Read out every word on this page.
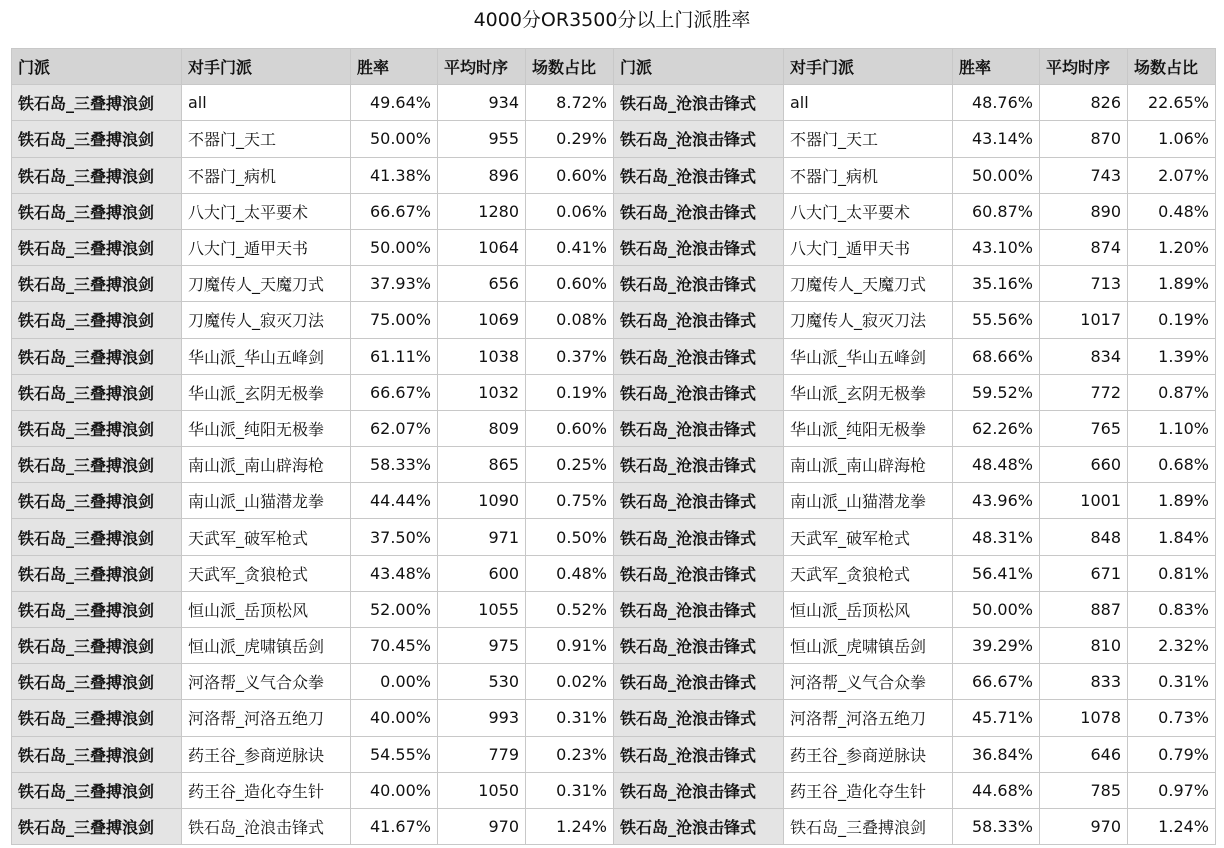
4000分OR3500分以上门派胜率
门派	对手门派	胜率	平均时序	场数占比	门派	对手门派	胜率	平均时序	场数占比
铁石岛_三叠搏浪剑	all	49.64%	934	8.72%	铁石岛_沧浪击锋式	all	48.76%	826	22.65%
铁石岛_三叠搏浪剑	不器门_天工	50.00%	955	0.29%	铁石岛_沧浪击锋式	不器门_天工	43.14%	870	1.06%
铁石岛_三叠搏浪剑	不器门_病机	41.38%	896	0.60%	铁石岛_沧浪击锋式	不器门_病机	50.00%	743	2.07%
铁石岛_三叠搏浪剑	八大门_太平要术	66.67%	1280	0.06%	铁石岛_沧浪击锋式	八大门_太平要术	60.87%	890	0.48%
铁石岛_三叠搏浪剑	八大门_遁甲天书	50.00%	1064	0.41%	铁石岛_沧浪击锋式	八大门_遁甲天书	43.10%	874	1.20%
铁石岛_三叠搏浪剑	刀魔传人_天魔刀式	37.93%	656	0.60%	铁石岛_沧浪击锋式	刀魔传人_天魔刀式	35.16%	713	1.89%
铁石岛_三叠搏浪剑	刀魔传人_寂灭刀法	75.00%	1069	0.08%	铁石岛_沧浪击锋式	刀魔传人_寂灭刀法	55.56%	1017	0.19%
铁石岛_三叠搏浪剑	华山派_华山五峰剑	61.11%	1038	0.37%	铁石岛_沧浪击锋式	华山派_华山五峰剑	68.66%	834	1.39%
铁石岛_三叠搏浪剑	华山派_玄阴无极拳	66.67%	1032	0.19%	铁石岛_沧浪击锋式	华山派_玄阴无极拳	59.52%	772	0.87%
铁石岛_三叠搏浪剑	华山派_纯阳无极拳	62.07%	809	0.60%	铁石岛_沧浪击锋式	华山派_纯阳无极拳	62.26%	765	1.10%
铁石岛_三叠搏浪剑	南山派_南山辟海枪	58.33%	865	0.25%	铁石岛_沧浪击锋式	南山派_南山辟海枪	48.48%	660	0.68%
铁石岛_三叠搏浪剑	南山派_山猫潜龙拳	44.44%	1090	0.75%	铁石岛_沧浪击锋式	南山派_山猫潜龙拳	43.96%	1001	1.89%
铁石岛_三叠搏浪剑	天武军_破军枪式	37.50%	971	0.50%	铁石岛_沧浪击锋式	天武军_破军枪式	48.31%	848	1.84%
铁石岛_三叠搏浪剑	天武军_贪狼枪式	43.48%	600	0.48%	铁石岛_沧浪击锋式	天武军_贪狼枪式	56.41%	671	0.81%
铁石岛_三叠搏浪剑	恒山派_岳顶松风	52.00%	1055	0.52%	铁石岛_沧浪击锋式	恒山派_岳顶松风	50.00%	887	0.83%
铁石岛_三叠搏浪剑	恒山派_虎啸镇岳剑	70.45%	975	0.91%	铁石岛_沧浪击锋式	恒山派_虎啸镇岳剑	39.29%	810	2.32%
铁石岛_三叠搏浪剑	河洛帮_义气合众拳	0.00%	530	0.02%	铁石岛_沧浪击锋式	河洛帮_义气合众拳	66.67%	833	0.31%
铁石岛_三叠搏浪剑	河洛帮_河洛五绝刀	40.00%	993	0.31%	铁石岛_沧浪击锋式	河洛帮_河洛五绝刀	45.71%	1078	0.73%
铁石岛_三叠搏浪剑	药王谷_参商逆脉诀	54.55%	779	0.23%	铁石岛_沧浪击锋式	药王谷_参商逆脉诀	36.84%	646	0.79%
铁石岛_三叠搏浪剑	药王谷_造化夺生针	40.00%	1050	0.31%	铁石岛_沧浪击锋式	药王谷_造化夺生针	44.68%	785	0.97%
铁石岛_三叠搏浪剑	铁石岛_沧浪击锋式	41.67%	970	1.24%	铁石岛_沧浪击锋式	铁石岛_三叠搏浪剑	58.33%	970	1.24%
